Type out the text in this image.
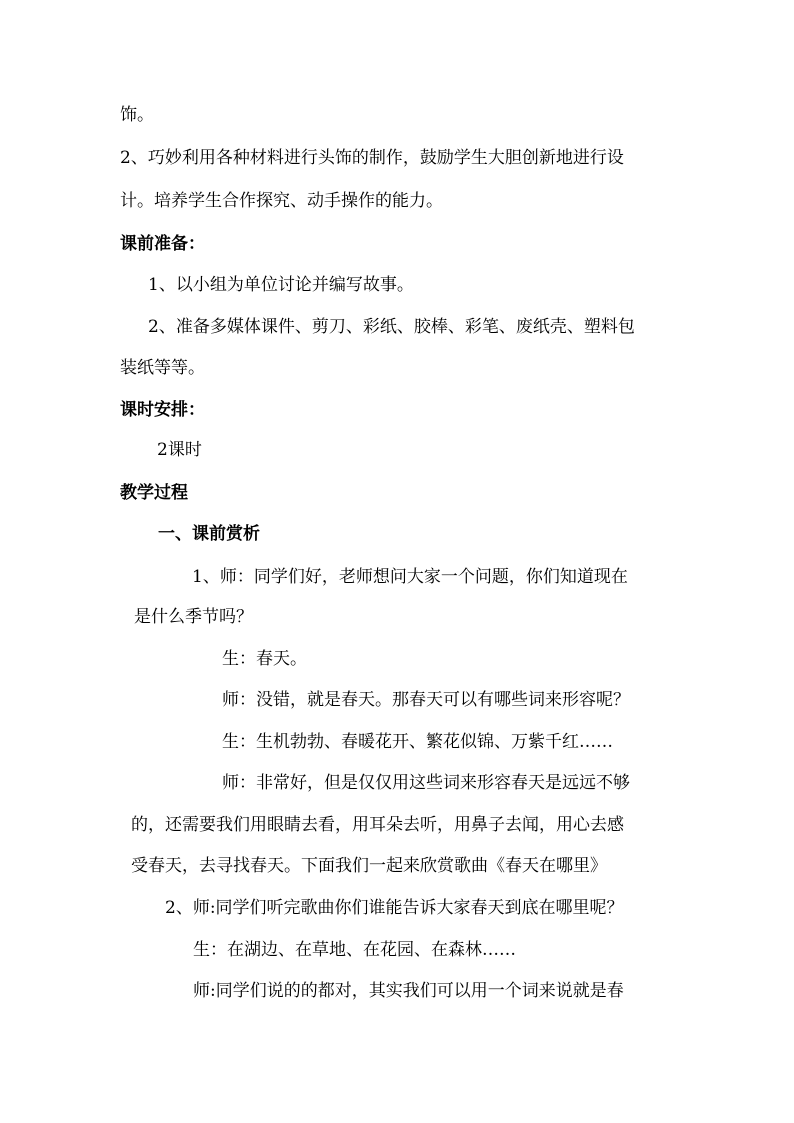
饰。
2、巧妙利用各种材料进行头饰的制作，鼓励学生大胆创新地进行设
计。培养学生合作探究、动手操作的能力。
课前准备：
1、以小组为单位讨论并编写故事。
2、准备多媒体课件、剪刀、彩纸、胶棒、彩笔、废纸壳、塑料包
装纸等等。
课时安排：
2课时
教学过程
一、课前赏析
1、师：同学们好，老师想问大家一个问题，你们知道现在
是什么季节吗？
生：春天。
师：没错，就是春天。那春天可以有哪些词来形容呢？
生：生机勃勃、春暖花开、繁花似锦、万紫千红……
师：非常好，但是仅仅用这些词来形容春天是远远不够
的，还需要我们用眼睛去看，用耳朵去听，用鼻子去闻，用心去感
受春天，去寻找春天。下面我们一起来欣赏歌曲《春天在哪里》
2、师:同学们听完歌曲你们谁能告诉大家春天到底在哪里呢？
生：在湖边、在草地、在花园、在森林……
师:同学们说的的都对，其实我们可以用一个词来说就是春
